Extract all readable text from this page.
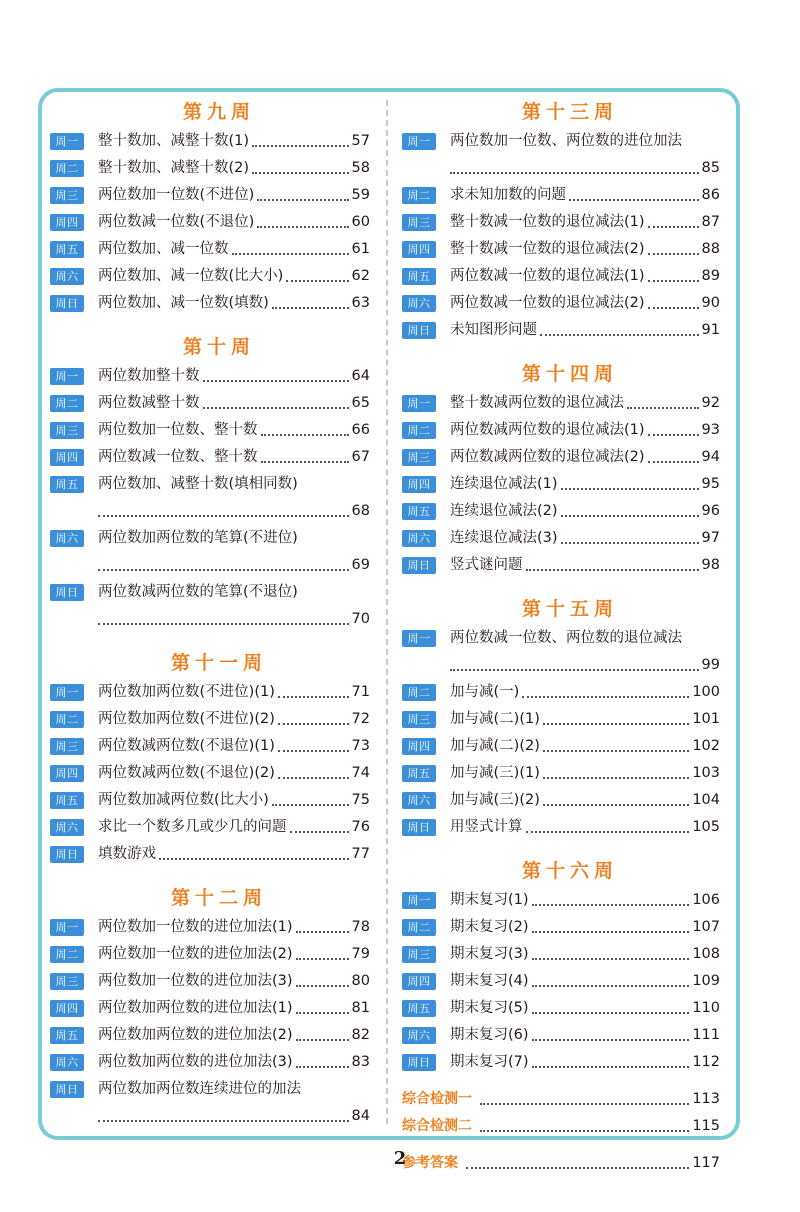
第九周
周一	整十数加、减整十数(1)	57
周二	整十数加、减整十数(2)	58
周三	两位数加一位数(不进位)	59
周四	两位数减一位数(不退位)	60
周五	两位数加、减一位数	61
周六	两位数加、减一位数(比大小)	62
周日	两位数加、减一位数(填数)	63
第十周
周一	两位数加整十数	64
周二	两位数减整十数	65
周三	两位数加一位数、整十数	66
周四	两位数减一位数、整十数	67
周五	两位数加、减整十数(填相同数)
68
周六	两位数加两位数的笔算(不进位)
69
周日	两位数减两位数的笔算(不退位)
70
第十一周
周一	两位数加两位数(不进位)(1)	71
周二	两位数加两位数(不进位)(2)	72
周三	两位数减两位数(不退位)(1)	73
周四	两位数减两位数(不退位)(2)	74
周五	两位数加减两位数(比大小)	75
周六	求比一个数多几或少几的问题	76
周日	填数游戏	77
第十二周
周一	两位数加一位数的进位加法(1)	78
周二	两位数加一位数的进位加法(2)	79
周三	两位数加一位数的进位加法(3)	80
周四	两位数加两位数的进位加法(1)	81
周五	两位数加两位数的进位加法(2)	82
周六	两位数加两位数的进位加法(3)	83
周日	两位数加两位数连续进位的加法
84
第十三周
周一	两位数加一位数、两位数的进位加法
85
周二	求未知加数的问题	86
周三	整十数减一位数的退位减法(1)	87
周四	整十数减一位数的退位减法(2)	88
周五	两位数减一位数的退位减法(1)	89
周六	两位数减一位数的退位减法(2)	90
周日	未知图形问题	91
第十四周
周一	整十数减两位数的退位减法	92
周二	两位数减两位数的退位减法(1)	93
周三	两位数减两位数的退位减法(2)	94
周四	连续退位减法(1)	95
周五	连续退位减法(2)	96
周六	连续退位减法(3)	97
周日	竖式谜问题	98
第十五周
周一	两位数减一位数、两位数的退位减法
99
周二	加与减(一)	100
周三	加与减(二)(1)	101
周四	加与减(二)(2)	102
周五	加与减(三)(1)	103
周六	加与减(三)(2)	104
周日	用竖式计算	105
第十六周
周一	期末复习(1)	106
周二	期末复习(2)	107
周三	期末复习(3)	108
周四	期末复习(4)	109
周五	期末复习(5)	110
周六	期末复习(6)	111
周日	期末复习(7)	112
综合检测一	113
综合检测二	115
参考答案	117
2
